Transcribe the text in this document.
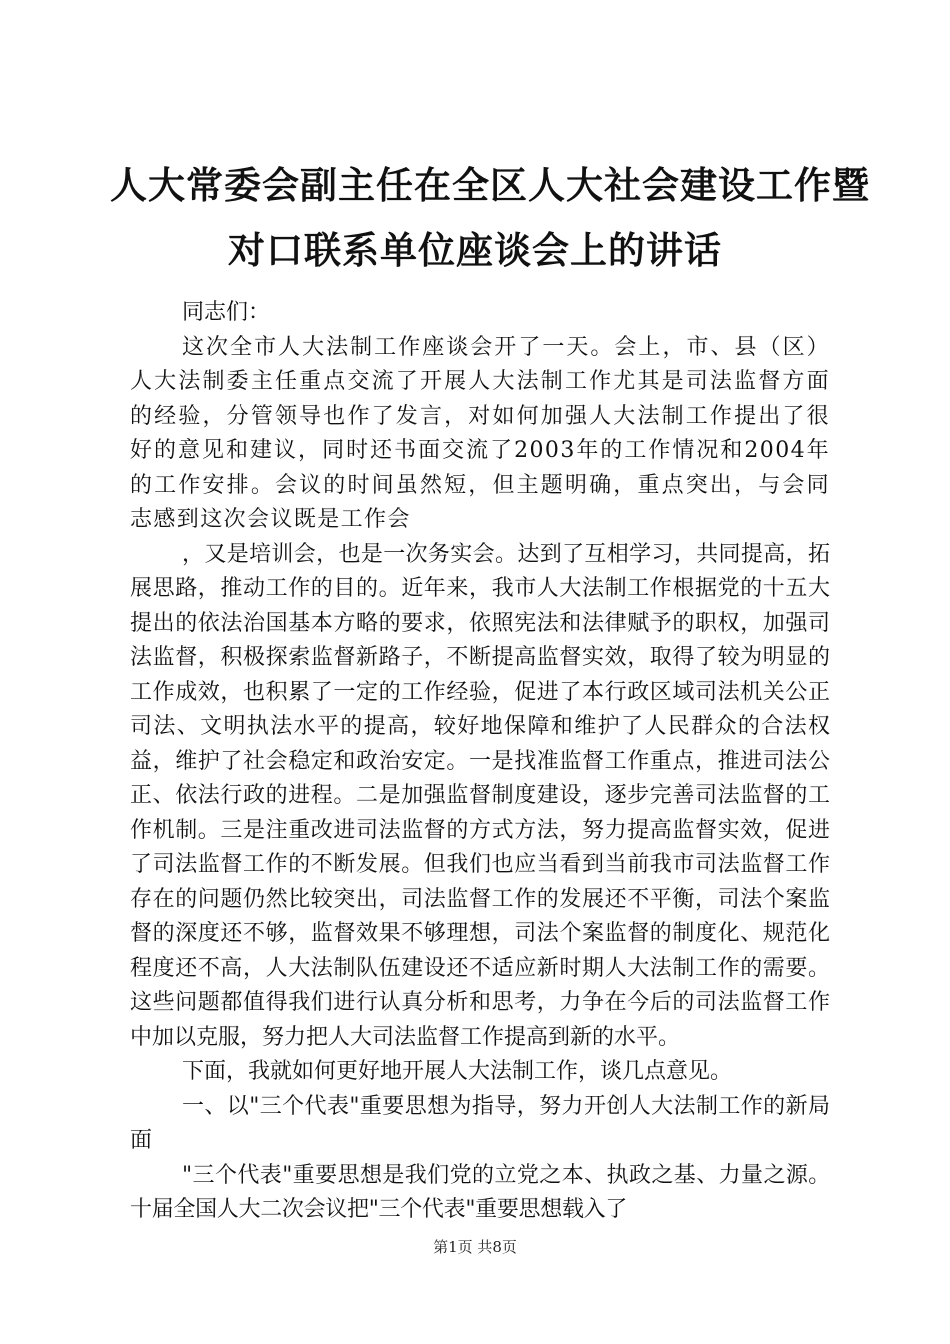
人大常委会副主任在全区人大社会建设工作暨
对口联系单位座谈会上的讲话

同志们：

这次全市人大法制工作座谈会开了一天。会上，市、县（区）人大法制委主任重点交流了开展人大法制工作尤其是司法监督方面的经验，分管领导也作了发言，对如何加强人大法制工作提出了很好的意见和建议，同时还书面交流了2003年的工作情况和2004年的工作安排。会议的时间虽然短，但主题明确，重点突出，与会同志感到这次会议既是工作会

，又是培训会，也是一次务实会。达到了互相学习，共同提高，拓展思路，推动工作的目的。近年来，我市人大法制工作根据党的十五大提出的依法治国基本方略的要求，依照宪法和法律赋予的职权，加强司法监督，积极探索监督新路子，不断提高监督实效，取得了较为明显的工作成效，也积累了一定的工作经验，促进了本行政区域司法机关公正司法、文明执法水平的提高，较好地保障和维护了人民群众的合法权益，维护了社会稳定和政治安定。一是找准监督工作重点，推进司法公正、依法行政的进程。二是加强监督制度建设，逐步完善司法监督的工作机制。三是注重改进司法监督的方式方法，努力提高监督实效，促进了司法监督工作的不断发展。但我们也应当看到当前我市司法监督工作存在的问题仍然比较突出，司法监督工作的发展还不平衡，司法个案监督的深度还不够，监督效果不够理想，司法个案监督的制度化、规范化程度还不高，人大法制队伍建设还不适应新时期人大法制工作的需要。这些问题都值得我们进行认真分析和思考，力争在今后的司法监督工作中加以克服，努力把人大司法监督工作提高到新的水平。

下面，我就如何更好地开展人大法制工作，谈几点意见。

一、以"三个代表"重要思想为指导，努力开创人大法制工作的新局面

"三个代表"重要思想是我们党的立党之本、执政之基、力量之源。十届全国人大二次会议把"三个代表"重要思想载入了

第1页 共8页
